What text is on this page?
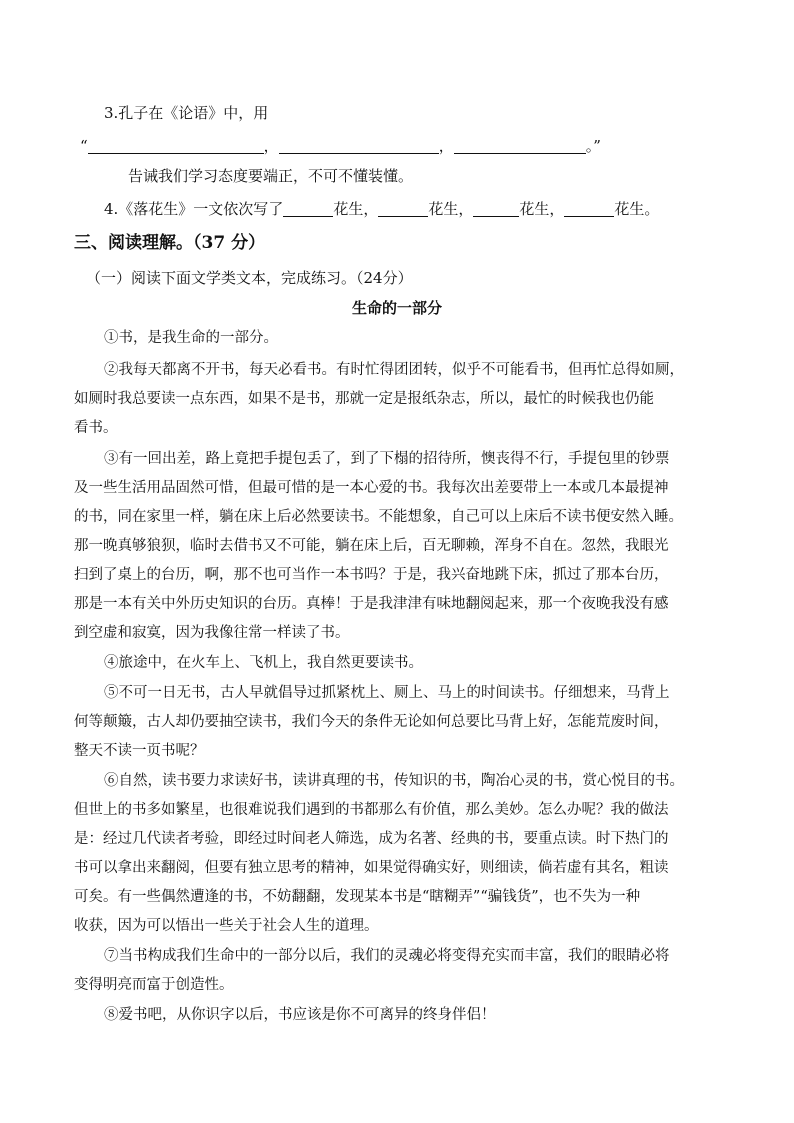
3.孔子在《论语》中，用
“	，	，	。”
告诫我们学习态度要端正，不可不懂装懂。
4.《落花生》一文依次写了	花生，	花生，	花生，	花生。
三、阅读理解。（37 分）
（一）阅读下面文学类文本，完成练习。（24分）
生命的一部分
①书，是我生命的一部分。
②我每天都离不开书，每天必看书。有时忙得团团转，似乎不可能看书，但再忙总得如厕，
如厕时我总要读一点东西，如果不是书，那就一定是报纸杂志，所以，最忙的时候我也仍能
看书。
③有一回出差，路上竟把手提包丢了，到了下榻的招待所，懊丧得不行，手提包里的钞票
及一些生活用品固然可惜，但最可惜的是一本心爱的书。我每次出差要带上一本或几本最提神
的书，同在家里一样，躺在床上后必然要读书。不能想象，自己可以上床后不读书便安然入睡。
那一晚真够狼狈，临时去借书又不可能，躺在床上后，百无聊赖，浑身不自在。忽然，我眼光
扫到了桌上的台历，啊，那不也可当作一本书吗？于是，我兴奋地跳下床，抓过了那本台历，
那是一本有关中外历史知识的台历。真棒！于是我津津有味地翻阅起来，那一个夜晚我没有感
到空虚和寂寞，因为我像往常一样读了书。
④旅途中，在火车上、飞机上，我自然更要读书。
⑤不可一日无书，古人早就倡导过抓紧枕上、厕上、马上的时间读书。仔细想来，马背上
何等颠簸，古人却仍要抽空读书，我们今天的条件无论如何总要比马背上好，怎能荒废时间，
整天不读一页书呢？
⑥自然，读书要力求读好书，读讲真理的书，传知识的书，陶冶心灵的书，赏心悦目的书。
但世上的书多如繁星，也很难说我们遇到的书都那么有价值，那么美妙。怎么办呢？我的做法
是：经过几代读者考验，即经过时间老人筛选，成为名著、经典的书，要重点读。时下热门的
书可以拿出来翻阅，但要有独立思考的精神，如果觉得确实好，则细读，倘若虚有其名，粗读
可矣。有一些偶然遭逢的书，不妨翻翻，发现某本书是“瞎糊弄”“骗钱货”，也不失为一种
收获，因为可以悟出一些关于社会人生的道理。
⑦当书构成我们生命中的一部分以后，我们的灵魂必将变得充实而丰富，我们的眼睛必将
变得明亮而富于创造性。
⑧爱书吧，从你识字以后，书应该是你不可离异的终身伴侣！
